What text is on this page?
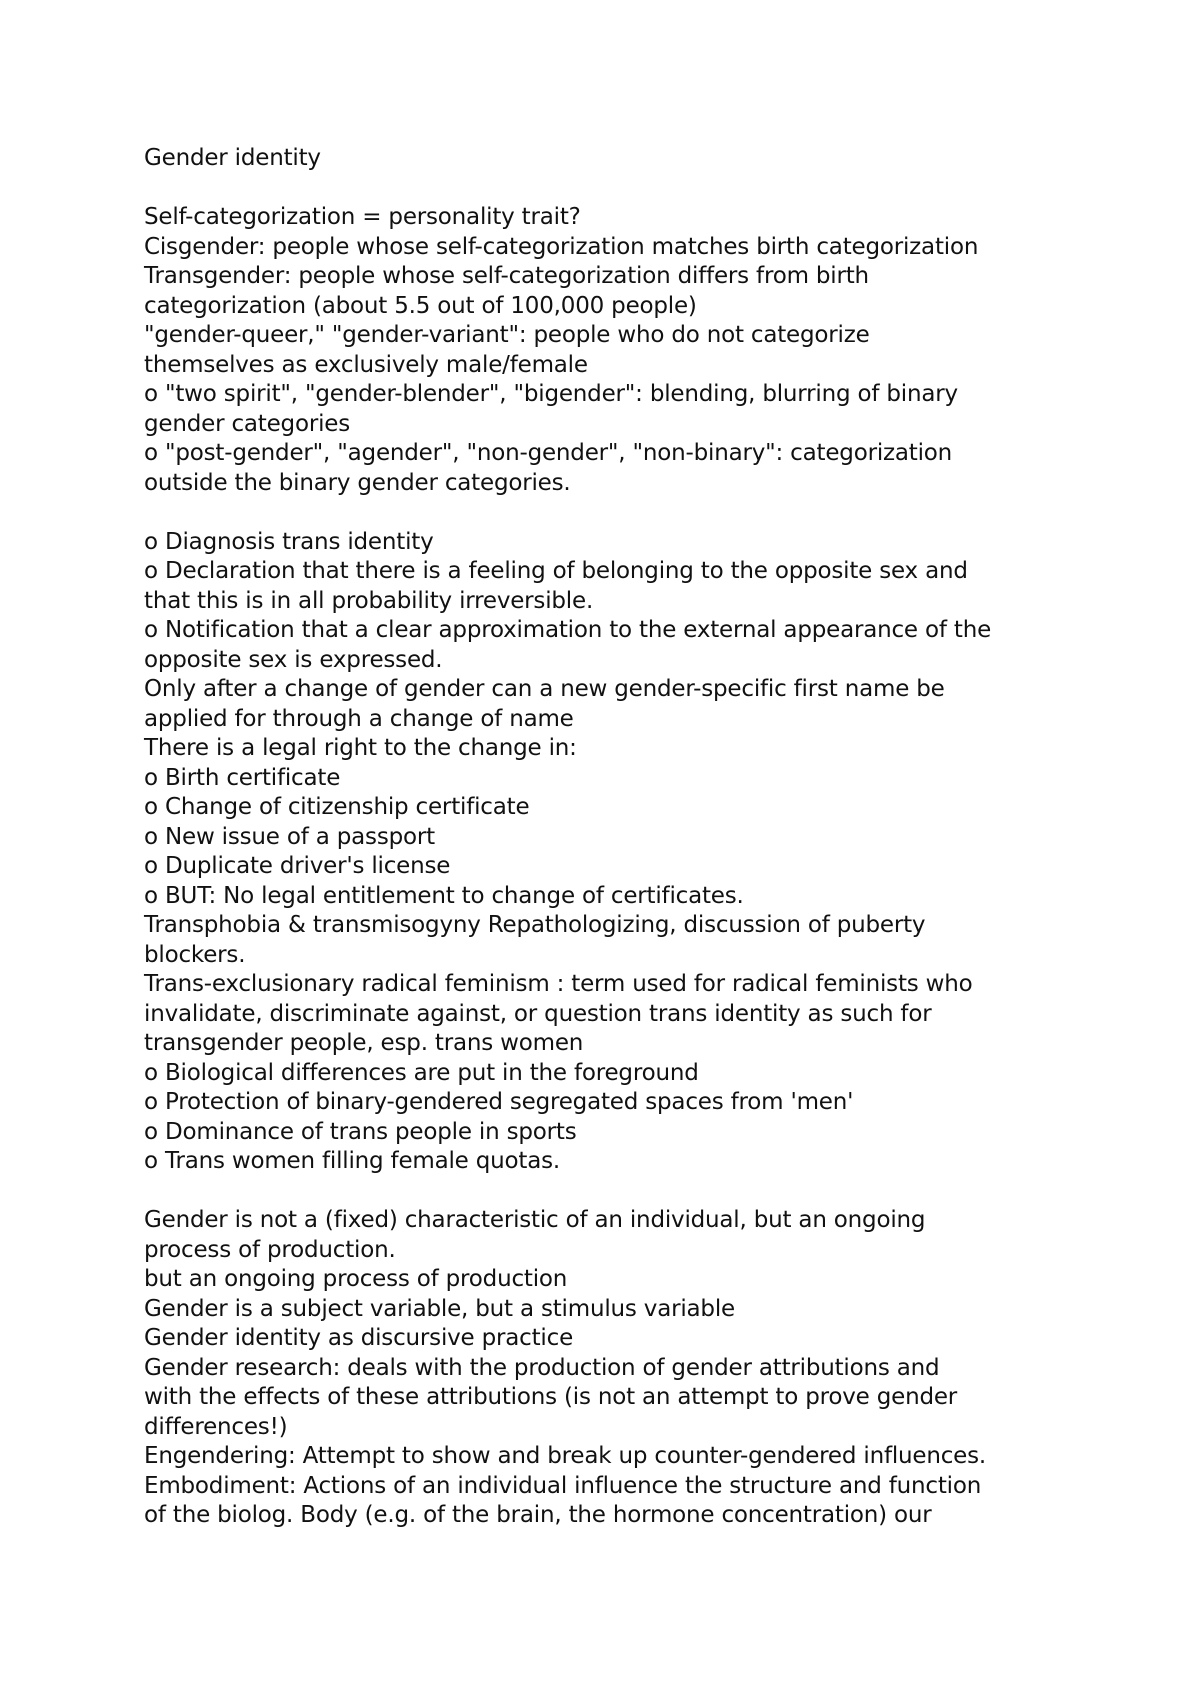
Gender identity
Self-categorization = personality trait?
Cisgender: people whose self-categorization matches birth categorization
Transgender: people whose self-categorization differs from birth
categorization (about 5.5 out of 100,000 people)
"gender-queer," "gender-variant": people who do not categorize
themselves as exclusively male/female
o "two spirit", "gender-blender", "bigender": blending, blurring of binary
gender categories
o "post-gender", "agender", "non-gender", "non-binary": categorization
outside the binary gender categories.
o Diagnosis trans identity
o Declaration that there is a feeling of belonging to the opposite sex and
that this is in all probability irreversible.
o Notification that a clear approximation to the external appearance of the
opposite sex is expressed.
Only after a change of gender can a new gender-specific first name be
applied for through a change of name
There is a legal right to the change in:
o Birth certificate
o Change of citizenship certificate
o New issue of a passport
o Duplicate driver's license
o BUT: No legal entitlement to change of certificates.
Transphobia & transmisogyny Repathologizing, discussion of puberty
blockers.
Trans-exclusionary radical feminism : term used for radical feminists who
invalidate, discriminate against, or question trans identity as such for
transgender people, esp. trans women
o Biological differences are put in the foreground
o Protection of binary-gendered segregated spaces from 'men'
o Dominance of trans people in sports
o Trans women filling female quotas.
Gender is not a (fixed) characteristic of an individual, but an ongoing
process of production.
but an ongoing process of production
Gender is a subject variable, but a stimulus variable
Gender identity as discursive practice
Gender research: deals with the production of gender attributions and
with the effects of these attributions (is not an attempt to prove gender
differences!)
Engendering: Attempt to show and break up counter-gendered influences.
Embodiment: Actions of an individual influence the structure and function
of the biolog. Body (e.g. of the brain, the hormone concentration) our
